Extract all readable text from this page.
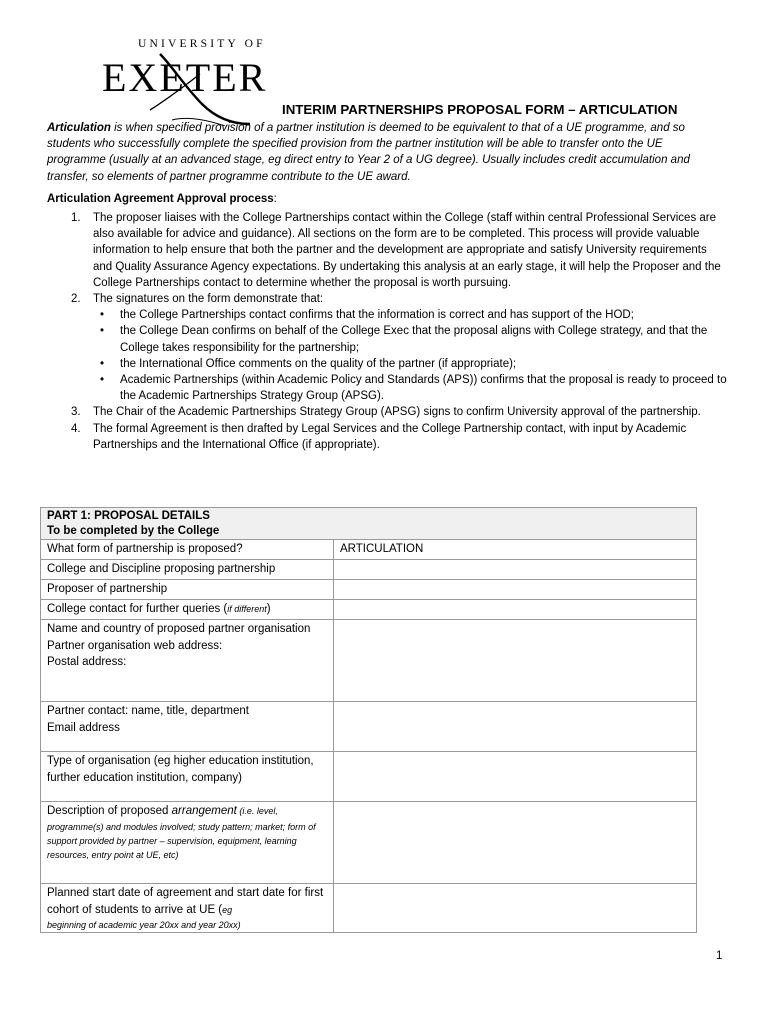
UNIVERSITY OF
EXETER
INTERIM PARTNERSHIPS PROPOSAL FORM – ARTICULATION
Articulation is when specified provision of a partner institution is deemed to be equivalent to that of a UE programme, and so students who successfully complete the specified provision from the partner institution will be able to transfer onto the UE programme (usually at an advanced stage, eg direct entry to Year 2 of a UG degree). Usually includes credit accumulation and transfer, so elements of partner programme contribute to the UE award.
Articulation Agreement Approval process:
1. The proposer liaises with the College Partnerships contact within the College (staff within central Professional Services are also available for advice and guidance). All sections on the form are to be completed. This process will provide valuable information to help ensure that both the partner and the development are appropriate and satisfy University requirements and Quality Assurance Agency expectations. By undertaking this analysis at an early stage, it will help the Proposer and the College Partnerships contact to determine whether the proposal is worth pursuing.
2. The signatures on the form demonstrate that:
• the College Partnerships contact confirms that the information is correct and has support of the HOD;
• the College Dean confirms on behalf of the College Exec that the proposal aligns with College strategy, and that the College takes responsibility for the partnership;
• the International Office comments on the quality of the partner (if appropriate);
• Academic Partnerships (within Academic Policy and Standards (APS)) confirms that the proposal is ready to proceed to the Academic Partnerships Strategy Group (APSG).
3. The Chair of the Academic Partnerships Strategy Group (APSG) signs to confirm University approval of the partnership.
4. The formal Agreement is then drafted by Legal Services and the College Partnership contact, with input by Academic Partnerships and the International Office (if appropriate).
PART 1: PROPOSAL DETAILS
To be completed by the College	

What form of partnership is proposed?	ARTICULATION
College and Discipline proposing partnership	
Proposer of partnership	
College contact for further queries (if different)	

Name and country of proposed partner organisation
Partner organisation web address:
Postal address:	

Partner contact: name, title, department
Email address	

Type of organisation (eg higher education institution, further education institution, company)	
Description of proposed arrangement (i.e. level,
programme(s) and modules involved; study pattern; market; form of support provided by partner – supervision, equipment, learning resources, entry point at UE, etc)	

Planned start date of agreement and start date for first cohort of students to arrive at UE (eg
beginning of academic year 20xx and year 20xx)	

1
